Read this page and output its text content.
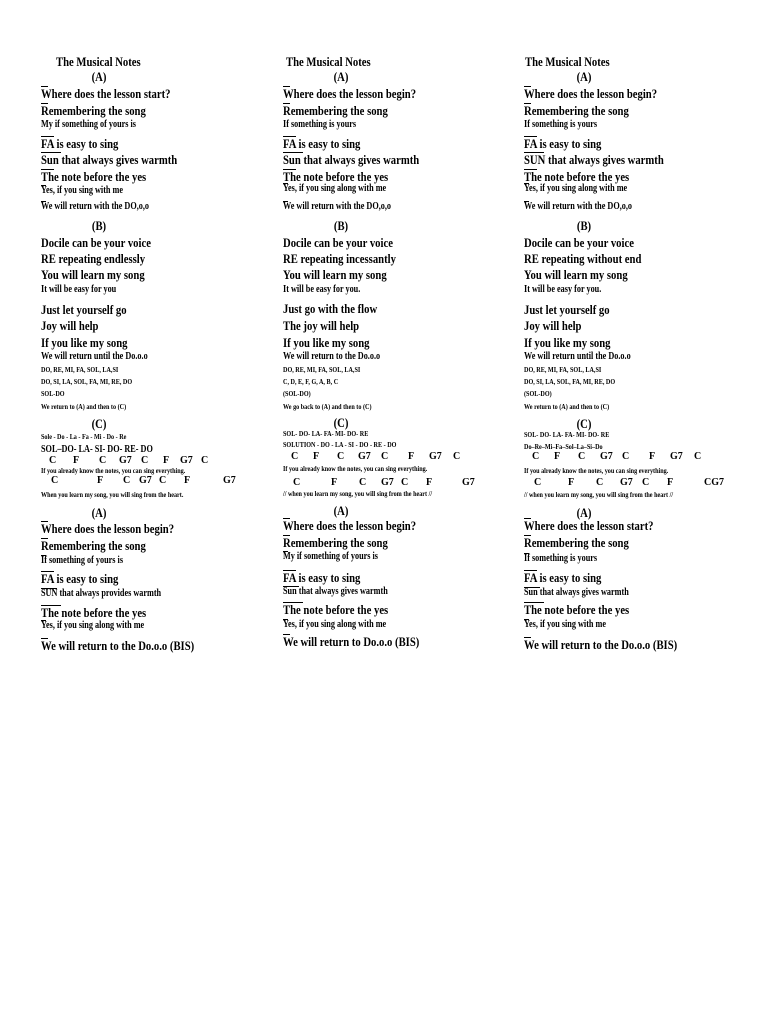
The Musical Notes
(A)
Where does the lesson start?
Remembering the song
My if something of yours is
FA is easy to sing
Sun that always gives warmth
The note before the yes
Yes, if you sing with me
We will return with the DO,o,o
(B)
Docile can be your voice
RE repeating endlessly
You will learn my song
It will be easy for you
Just let yourself go
Joy will help
If you like my song
We will return until the Do.o.o
DO, RE, MI, FA, SOL, LA,SI
DO, SI, LA, SOL, FA, MI, RE, DO
SOL-DO
We return to (A) and then to (C)
(C)
Sole - Do - La - Fa - Mi - Do - Re
SOL–DO- LA- SI- DO- RE- DO
If you already know the notes, you can sing everything.
When you learn my song, you will sing from the heart.
(A)
Where does the lesson begin?
Remembering the song
If something of yours is
FA is easy to sing
SUN that always provides warmth
The note before the yes
Yes, if you sing along with me
We will return to the Do.o.o (BIS)
C F C G7 C F G7 C
C	F C G7 C F	G7
The Musical Notes
(A)
Where does the lesson begin?
Remembering the song
If something is yours
FA is easy to sing
Sun that always gives warmth
The note before the yes
Yes, if you sing along with me
We will return with the DO,o,o
(B)
Docile can be your voice
RE repeating incessantly
You will learn my song
It will be easy for you.
Just go with the flow
The joy will help
If you like my song
We will return to the Do.o.o
DO, RE, MI, FA, SOL, LA,SI
C, D, E, F, G, A, B, C
(SOL-DO)
We go back to (A) and then to (C)
(C)
SOL- DO- LA- FA- MI- DO- RE
SOLUTION - DO - LA - SI - DO - RE - DO
If you already know the notes, you can sing everything.
// when you learn my song, you will sing from the heart //
(A)
Where does the lesson begin?
Remembering the song
My if something of yours is
FA is easy to sing
Sun that always gives warmth
The note before the yes
Yes, if you sing along with me
We will return to Do.o.o (BIS)
C F C G7 C F G7 C
C	F C G7 C F	G7
The Musical Notes
(A)
Where does the lesson begin?
Remembering the song
If something is yours
FA is easy to sing
SUN that always gives warmth
The note before the yes
Yes, if you sing along with me
We will return with the DO,o,o
(B)
Docile can be your voice
RE repeating without end
You will learn my song
It will be easy for you.
Just let yourself go
Joy will help
If you like my song
We will return until the Do.o.o
DO, RE, MI, FA, SOL, LA,SI
DO, SI, LA, SOL, FA, MI, RE, DO
(SOL-DO)
We return to (A) and then to (C)
(C)
SOL- DO- LA- FA- MI- DO- RE
Do–Re–Mi–Fa–Sol–La–Si–Do
If you already know the notes, you can sing everything.
// when you learn my song, you will sing from the heart //
(A)
Where does the lesson start?
Remembering the song
If something is yours
FA is easy to sing
Sun that always gives warmth
The note before the yes
Yes, if you sing with me
We will return to the Do.o.o (BIS)
C F C G7 C F G7 C
C	F C G7 C F	CG7
